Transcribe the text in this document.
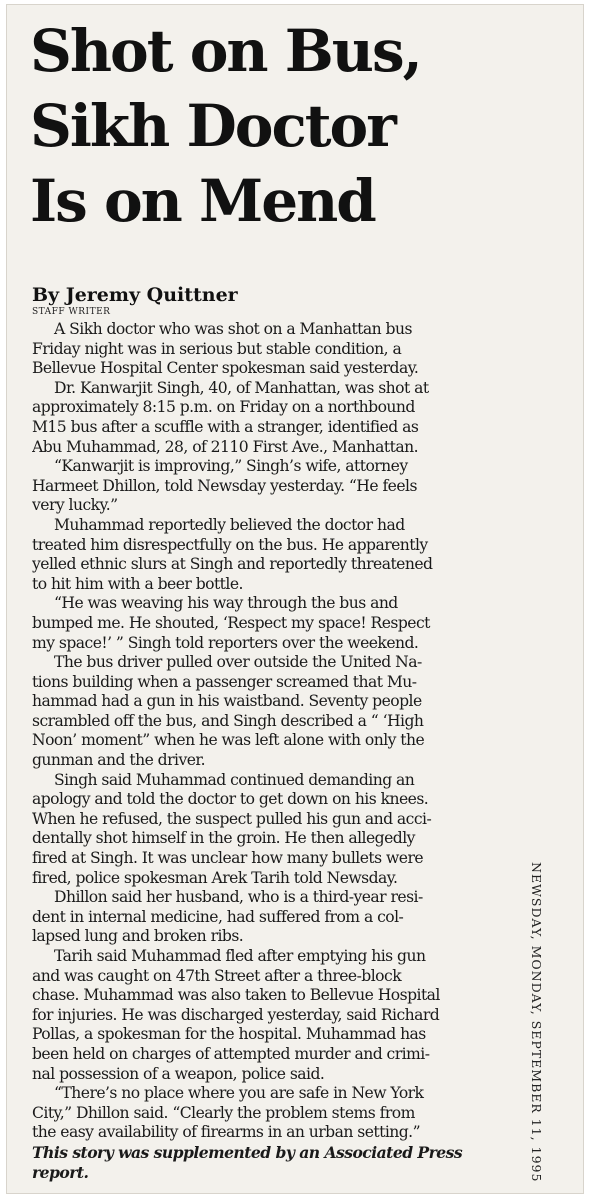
Shot on Bus,
Sikh Doctor
Is on Mend
By Jeremy Quittner
STAFF WRITER
A Sikh doctor who was shot on a Manhattan bus
Friday night was in serious but stable condition, a
Bellevue Hospital Center spokesman said yesterday.
Dr. Kanwarjit Singh, 40, of Manhattan, was shot at
approximately 8:15 p.m. on Friday on a northbound
M15 bus after a scuffle with a stranger, identified as
Abu Muhammad, 28, of 2110 First Ave., Manhattan.
“Kanwarjit is improving,” Singh’s wife, attorney
Harmeet Dhillon, told Newsday yesterday. “He feels
very lucky.”
Muhammad reportedly believed the doctor had
treated him disrespectfully on the bus. He apparently
yelled ethnic slurs at Singh and reportedly threatened
to hit him with a beer bottle.
“He was weaving his way through the bus and
bumped me. He shouted, ‘Respect my space! Respect
my space!’ ” Singh told reporters over the weekend.
The bus driver pulled over outside the United Na-
tions building when a passenger screamed that Mu-
hammad had a gun in his waistband. Seventy people
scrambled off the bus, and Singh described a “ ‘High
Noon’ moment” when he was left alone with only the
gunman and the driver.
Singh said Muhammad continued demanding an
apology and told the doctor to get down on his knees.
When he refused, the suspect pulled his gun and acci-
dentally shot himself in the groin. He then allegedly
fired at Singh. It was unclear how many bullets were
fired, police spokesman Arek Tarih told Newsday.
Dhillon said her husband, who is a third-year resi-
dent in internal medicine, had suffered from a col-
lapsed lung and broken ribs.
Tarih said Muhammad fled after emptying his gun
and was caught on 47th Street after a three-block
chase. Muhammad was also taken to Bellevue Hospital
for injuries. He was discharged yesterday, said Richard
Pollas, a spokesman for the hospital. Muhammad has
been held on charges of attempted murder and crimi-
nal possession of a weapon, police said.
“There’s no place where you are safe in New York
City,” Dhillon said. “Clearly the problem stems from
the easy availability of firearms in an urban setting.”
This story was supplemented by an Associated Press
report.	NEWSDAY, MONDAY, SEPTEMBER 11, 1995
